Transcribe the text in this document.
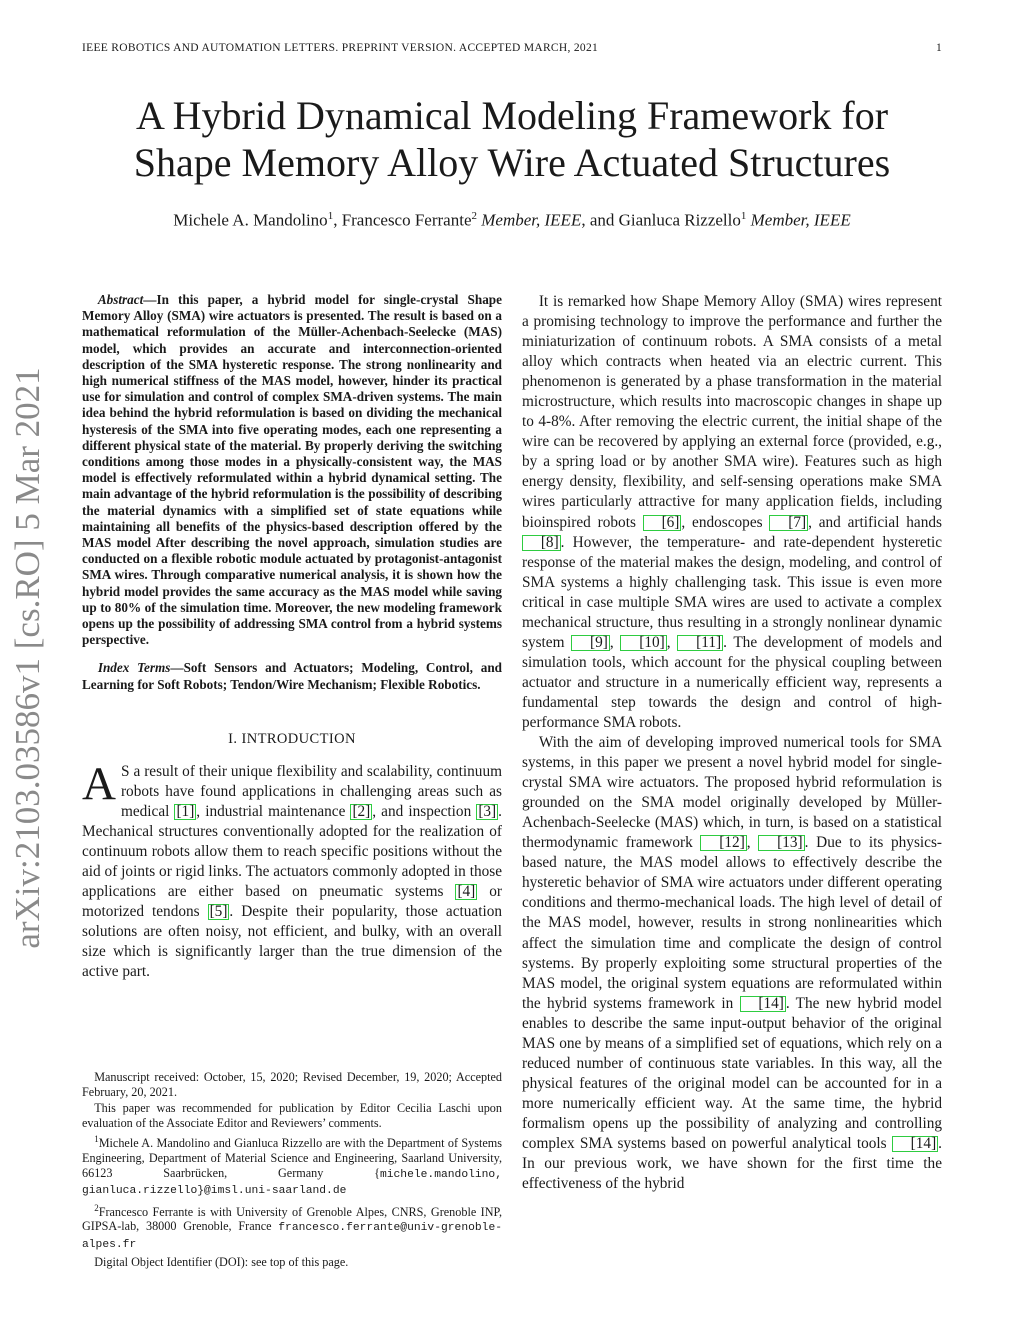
IEEE ROBOTICS AND AUTOMATION LETTERS. PREPRINT VERSION. ACCEPTED MARCH, 2021	1
arXiv:2103.03586v1 [cs.RO] 5 Mar 2021
A Hybrid Dynamical Modeling Framework for
Shape Memory Alloy Wire Actuated Structures
Michele A. Mandolino$^1$, Francesco Ferrante$^2$ Member, IEEE, and Gianluca Rizzello$^1$ Member, IEEE

Abstract—In this paper, a hybrid model for single-crystal Shape Memory Alloy (SMA) wire actuators is presented. The result is based on a mathematical reformulation of the Müller-Achenbach-Seelecke (MAS) model, which provides an accurate and interconnection-oriented description of the SMA hysteretic response. The strong nonlinearity and high numerical stiffness of the MAS model, however, hinder its practical use for simulation and control of complex SMA-driven systems. The main idea behind the hybrid reformulation is based on dividing the mechanical hysteresis of the SMA into five operating modes, each one representing a different physical state of the material. By properly deriving the switching conditions among those modes in a physically-consistent way, the MAS model is effectively reformulated within a hybrid dynamical setting. The main advantage of the hybrid reformulation is the possibility of describing the material dynamics with a simplified set of state equations while maintaining all benefits of the physics-based description offered by the MAS model After describing the novel approach, simulation studies are conducted on a flexible robotic module actuated by protagonist-antagonist SMA wires. Through comparative numerical analysis, it is shown how the hybrid model provides the same accuracy as the MAS model while saving up to 80% of the simulation time. Moreover, the new modeling framework opens up the possibility of addressing SMA control from a hybrid systems perspective.

Index Terms—Soft Sensors and Actuators; Modeling, Control, and Learning for Soft Robots; Tendon/Wire Mechanism; Flexible Robotics.

I. INTRODUCTION

A S a result of their unique flexibility and scalability, continuum robots have found applications in challenging areas such as medical [1] , industrial maintenance [2] , and inspection [3] . Mechanical structures conventionally adopted for the realization of continuum robots allow them to reach specific positions without the aid of joints or rigid links. The actuators commonly adopted in those applications are either based on pneumatic systems [4] or motorized tendons [5] . Despite their popularity, those actuation solutions are often noisy, not efficient, and bulky, with an overall size which is significantly larger than the true dimension of the active part.

Manuscript received: October, 15, 2020; Revised December, 19, 2020; Accepted February, 20, 2021.

This paper was recommended for publication by Editor Cecilia Laschi upon evaluation of the Associate Editor and Reviewers’ comments.

$^1$Michele A. Mandolino and Gianluca Rizzello are with the Department of Systems Engineering, Department of Material Science and Engineering, Saarland University, 66123 Saarbrücken, Germany {michele.mandolino, gianluca.rizzello}@imsl.uni-saarland.de

$^2$Francesco Ferrante is with University of Grenoble Alpes, CNRS, Grenoble INP, GIPSA-lab, 38000 Grenoble, France francesco.ferrante@univ-grenoble-alpes.fr

Digital Object Identifier (DOI): see top of this page.

It is remarked how Shape Memory Alloy (SMA) wires represent a promising technology to improve the performance and further the miniaturization of continuum robots. A SMA consists of a metal alloy which contracts when heated via an electric current. This phenomenon is generated by a phase transformation in the material microstructure, which results into macroscopic changes in shape up to 4-8%. After removing the electric current, the initial shape of the wire can be recovered by applying an external force (provided, e.g., by a spring load or by another SMA wire). Features such as high energy density, flexibility, and self-sensing operations make SMA wires particularly attractive for many application fields, including bioinspired robots [6] , endoscopes [7] , and artificial hands [8] . However, the temperature- and rate-dependent hysteretic response of the material makes the design, modeling, and control of SMA systems a highly challenging task. This issue is even more critical in case multiple SMA wires are used to activate a complex mechanical structure, thus resulting in a strongly nonlinear dynamic system [9] , [10] , [11] . The development of models and simulation tools, which account for the physical coupling between actuator and structure in a numerically efficient way, represents a fundamental step towards the design and control of high-performance SMA robots.

With the aim of developing improved numerical tools for SMA systems, in this paper we present a novel hybrid model for single-crystal SMA wire actuators. The proposed hybrid reformulation is grounded on the SMA model originally developed by Müller-Achenbach-Seelecke (MAS) which, in turn, is based on a statistical thermodynamic framework [12] , [13] . Due to its physics-based nature, the MAS model allows to effectively describe the hysteretic behavior of SMA wire actuators under different operating conditions and thermo-mechanical loads. The high level of detail of the MAS model, however, results in strong nonlinearities which affect the simulation time and complicate the design of control systems. By properly exploiting some structural properties of the MAS model, the original system equations are reformulated within the hybrid systems framework in [14] . The new hybrid model enables to describe the same input-output behavior of the original MAS one by means of a simplified set of equations, which rely on a reduced number of continuous state variables. In this way, all the physical features of the original model can be accounted for in a more numerically efficient way. At the same time, the hybrid formalism opens up the possibility of analyzing and controlling complex SMA systems based on powerful analytical tools [14] . In our previous work, we have shown for the first time the effectiveness of the hybrid
